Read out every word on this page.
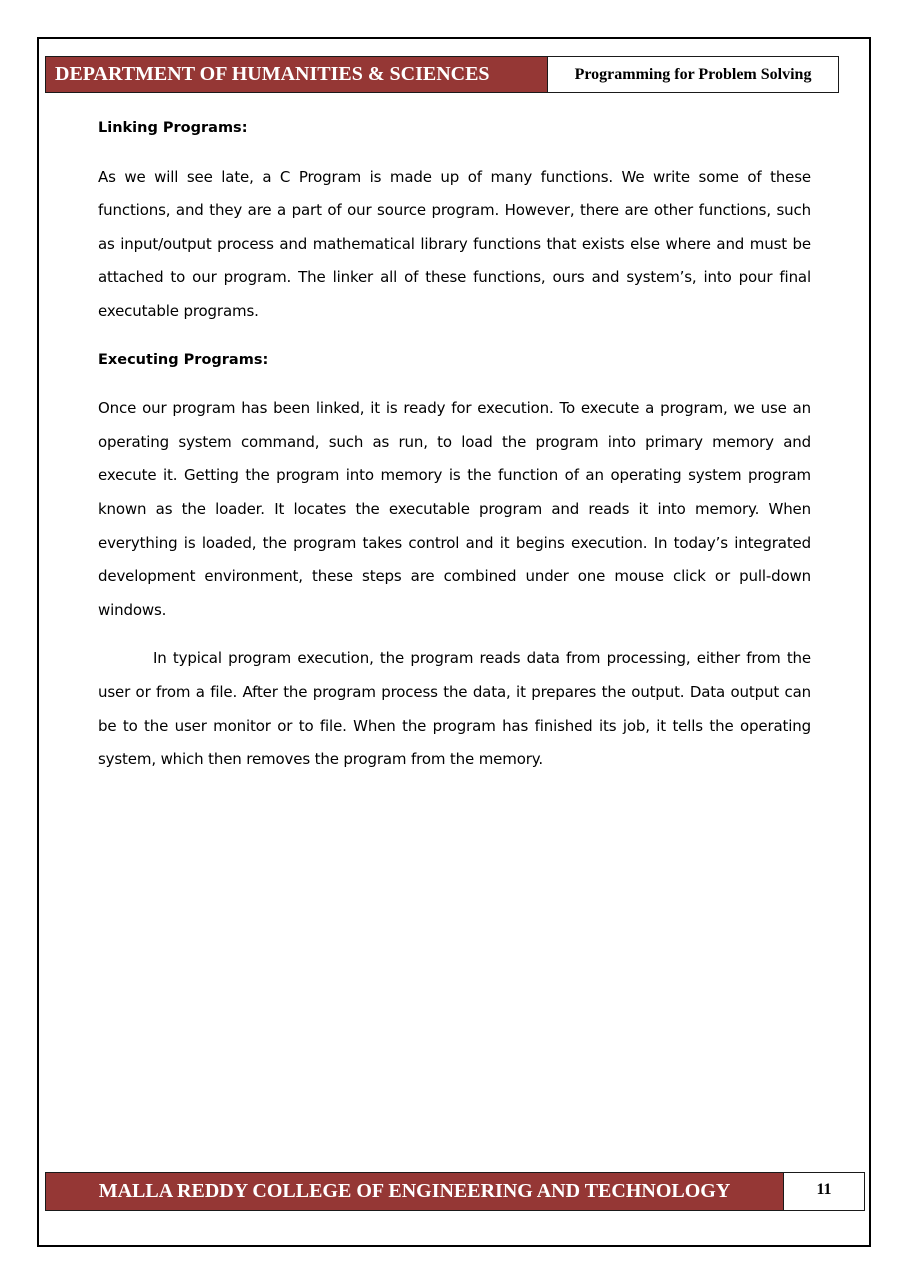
DEPARTMENT OF HUMANITIES & SCIENCES	Programming for Problem Solving

Linking Programs:

As we will see late, a C Program is made up of many functions. We write some of these functions, and they are a part of our source program. However, there are other functions, such as input/output process and mathematical library functions that exists else where and must be attached to our program. The linker all of these functions, ours and system’s, into pour final executable programs.

Executing Programs:

Once our program has been linked, it is ready for execution. To execute a program, we use an operating system command, such as run, to load the program into primary memory and execute it. Getting the program into memory is the function of an operating system program known as the loader. It locates the executable program and reads it into memory. When everything is loaded, the program takes control and it begins execution. In today’s integrated development environment, these steps are combined under one mouse click or pull-down windows.

In typical program execution, the program reads data from processing, either from the user or from a file. After the program process the data, it prepares the output. Data output can be to the user monitor or to file. When the program has finished its job, it tells the operating system, which then removes the program from the memory.

MALLA REDDY COLLEGE OF ENGINEERING AND TECHNOLOGY	11
